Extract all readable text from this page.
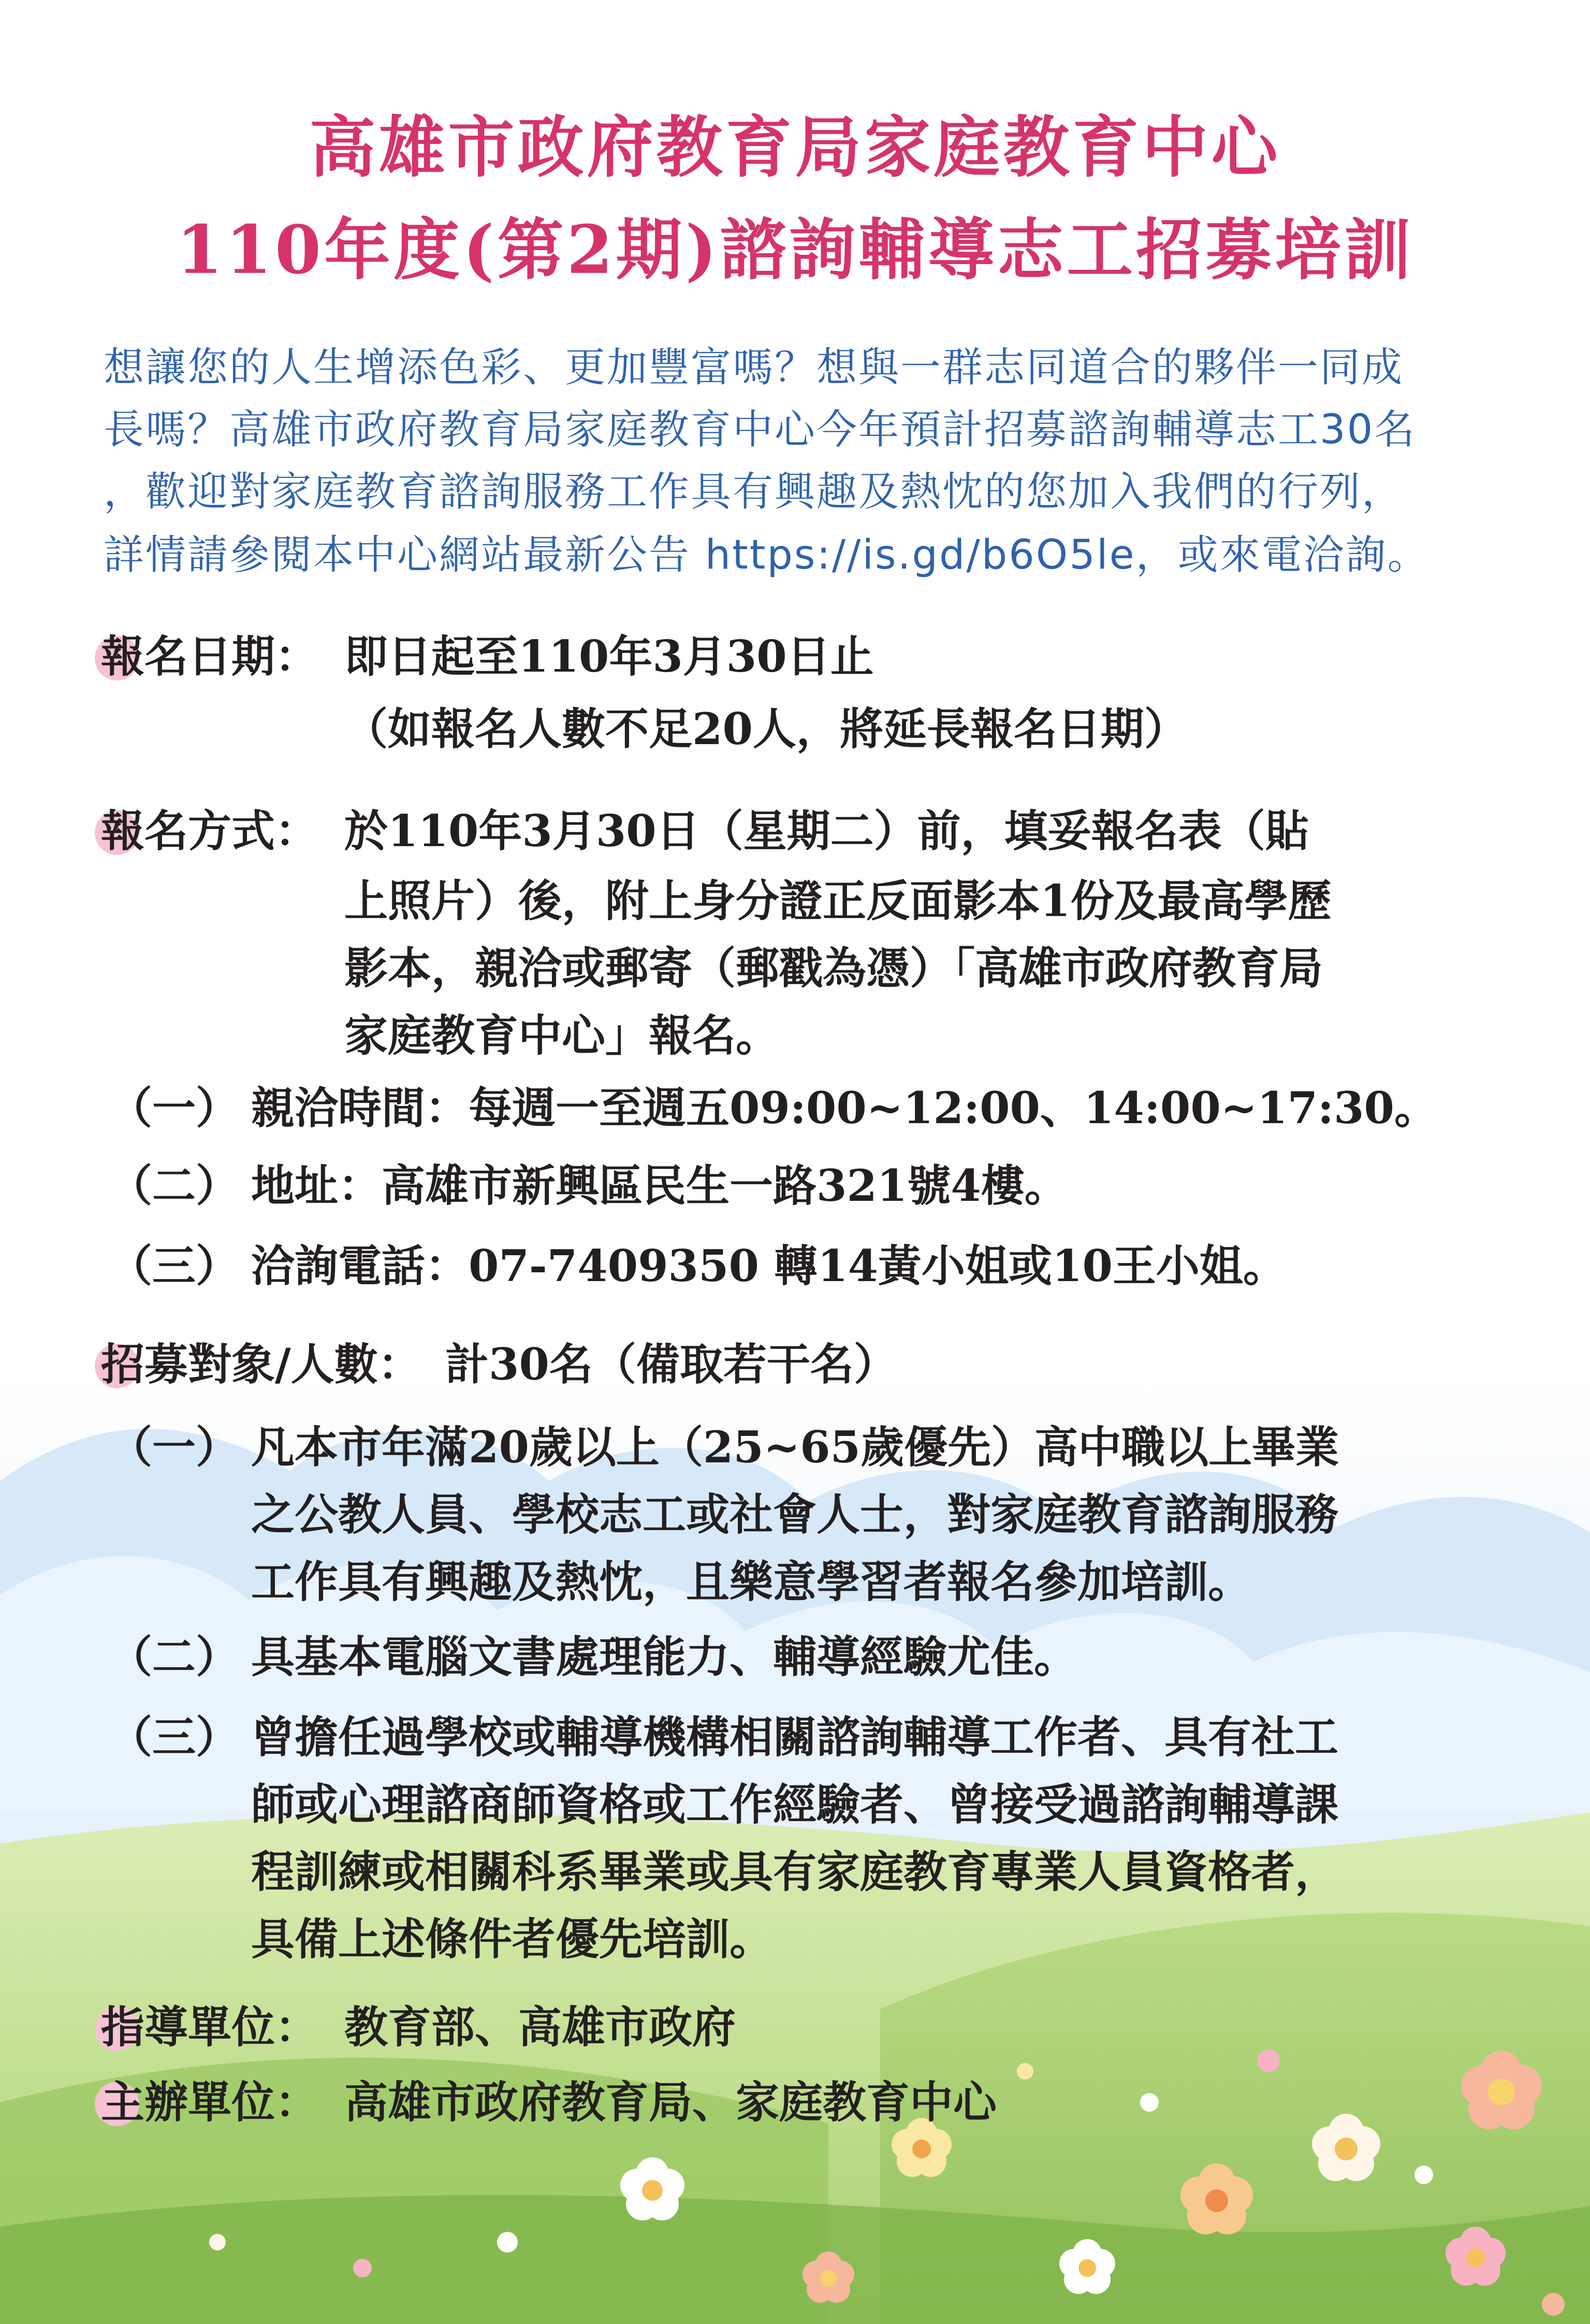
高雄市政府教育局家庭教育中心
110年度(第2期)諮詢輔導志工招募培訓
想讓您的人生增添色彩、更加豐富嗎？想與一群志同道合的夥伴一同成
長嗎？高雄市政府教育局家庭教育中心今年預計招募諮詢輔導志工30名
，歡迎對家庭教育諮詢服務工作具有興趣及熱忱的您加入我們的行列，
詳情請參閱本中心網站最新公告 https://is.gd/b6O5le，或來電洽詢。
報名日期： 即日起至110年3月30日止
（如報名人數不足20人，將延長報名日期）
報名方式： 於110年3月30日（星期二）前，填妥報名表（貼
上照片）後，附上身分證正反面影本1份及最高學歷
影本，親洽或郵寄（郵戳為憑）「高雄市政府教育局
家庭教育中心」報名。
（一） 親洽時間：每週一至週五09:00~12:00、14:00~17:30。
（二） 地址：高雄市新興區民生一路321號4樓。
（三） 洽詢電話：07-7409350 轉14黃小姐或10王小姐。
招募對象/人數： 計30名（備取若干名）
（一） 凡本市年滿20歲以上（25~65歲優先）高中職以上畢業
之公教人員、學校志工或社會人士，對家庭教育諮詢服務
工作具有興趣及熱忱，且樂意學習者報名參加培訓。
（二） 具基本電腦文書處理能力、輔導經驗尤佳。
（三） 曾擔任過學校或輔導機構相關諮詢輔導工作者、具有社工
師或心理諮商師資格或工作經驗者、曾接受過諮詢輔導課
程訓練或相關科系畢業或具有家庭教育專業人員資格者，
具備上述條件者優先培訓。
指導單位： 教育部、高雄市政府
主辦單位： 高雄市政府教育局、家庭教育中心
